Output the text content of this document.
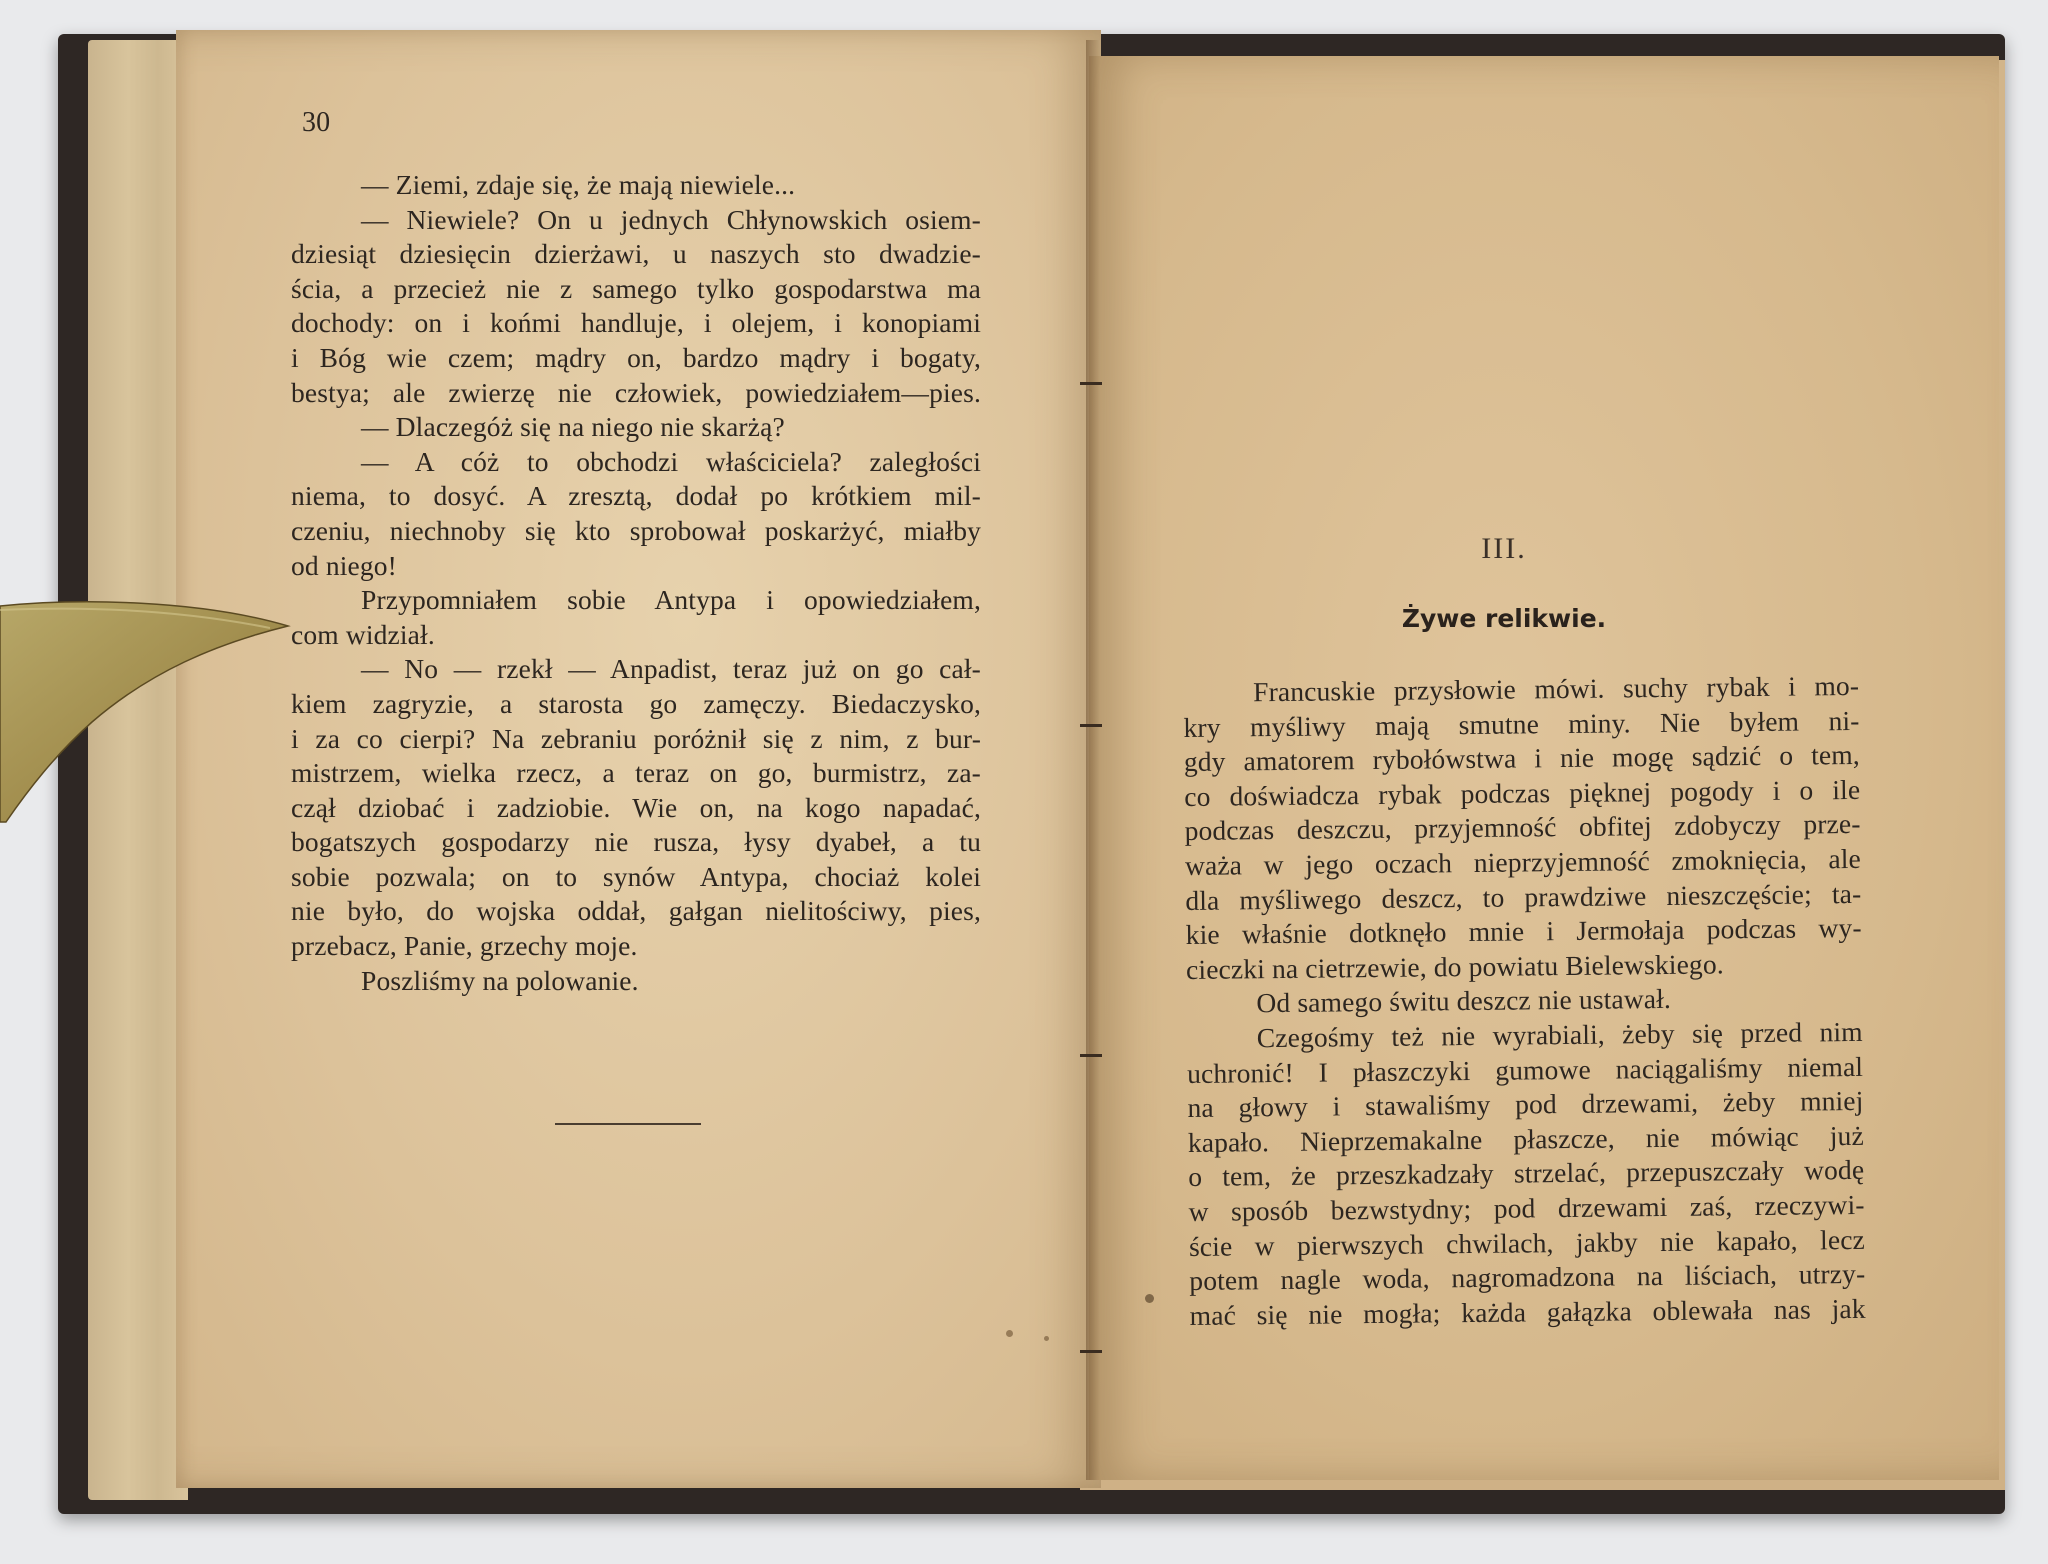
30
— Ziemi, zdaje się, że mają niewiele...
— Niewiele? On u jednych Chłynowskich osiem-
dziesiąt dziesięcin dzierżawi, u naszych sto dwadzie-
ścia, a przecież nie z samego tylko gospodarstwa ma
dochody: on i końmi handluje, i olejem, i konopiami
i Bóg wie czem; mądry on, bardzo mądry i bogaty,
bestya; ale zwierzę nie człowiek, powiedziałem—pies.
— Dlaczegóż się na niego nie skarżą?
— A cóż to obchodzi właściciela? zaległości
niema, to dosyć. A zresztą, dodał po krótkiem mil-
czeniu, niechnoby się kto sprobował poskarżyć, miałby
od niego!
Przypomniałem sobie Antypa i opowiedziałem,
com widział.
— No — rzekł — Anpadist, teraz już on go cał-
kiem zagryzie, a starosta go zamęczy. Biedaczysko,
i za co cierpi? Na zebraniu poróżnił się z nim, z bur-
mistrzem, wielka rzecz, a teraz on go, burmistrz, za-
czął dziobać i zadziobie. Wie on, na kogo napadać,
bogatszych gospodarzy nie rusza, łysy dyabeł, a tu
sobie pozwala; on to synów Antypa, chociaż kolei
nie było, do wojska oddał, gałgan nielitościwy, pies,
przebacz, Panie, grzechy moje.
Poszliśmy na polowanie.
III.
Żywe relikwie.
Francuskie przysłowie mówi. suchy rybak i mo-
kry myśliwy mają smutne miny. Nie byłem ni-
gdy amatorem rybołówstwa i nie mogę sądzić o tem,
co doświadcza rybak podczas pięknej pogody i o ile
podczas deszczu, przyjemność obfitej zdobyczy prze-
waża w jego oczach nieprzyjemność zmoknięcia, ale
dla myśliwego deszcz, to prawdziwe nieszczęście; ta-
kie właśnie dotknęło mnie i Jermołaja podczas wy-
cieczki na cietrzewie, do powiatu Bielewskiego.
Od samego świtu deszcz nie ustawał.
Czegośmy też nie wyrabiali, żeby się przed nim
uchronić! I płaszczyki gumowe naciągaliśmy niemal
na głowy i stawaliśmy pod drzewami, żeby mniej
kapało. Nieprzemakalne płaszcze, nie mówiąc już
o tem, że przeszkadzały strzelać, przepuszczały wodę
w sposób bezwstydny; pod drzewami zaś, rzeczywi-
ście w pierwszych chwilach, jakby nie kapało, lecz
potem nagle woda, nagromadzona na liściach, utrzy-
mać się nie mogła; każda gałązka oblewała nas jak
